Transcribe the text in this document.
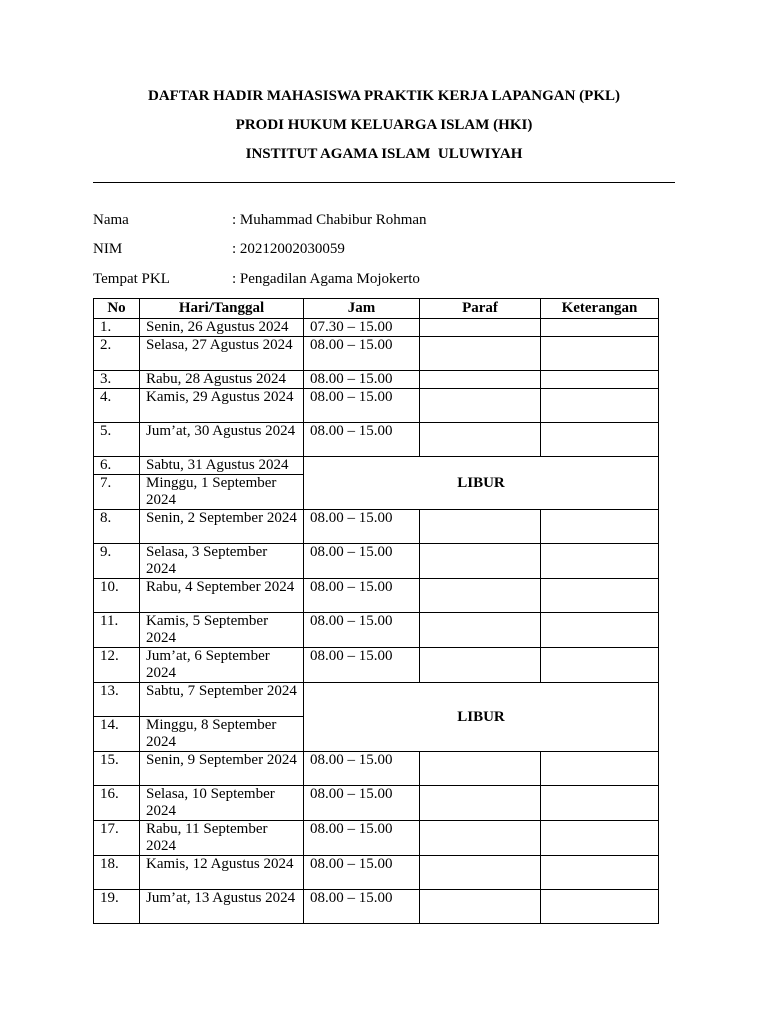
DAFTAR HADIR MAHASISWA PRAKTIK KERJA LAPANGAN (PKL)
PRODI HUKUM KELUARGA ISLAM (HKI)
INSTITUT AGAMA ISLAM  ULUWIYAH
Nama	: Muhammad Chabibur Rohman
NIM	: 20212002030059
Tempat PKL	: Pengadilan Agama Mojokerto
No	Hari/Tanggal	Jam	Paraf	Keterangan
1.	Senin, 26 Agustus 2024	07.30 – 15.00		
2.	Selasa, 27 Agustus 2024	08.00 – 15.00		
3.	Rabu, 28 Agustus 2024	08.00 – 15.00		
4.	Kamis, 29 Agustus 2024	08.00 – 15.00		
5.	Jum’at, 30 Agustus 2024	08.00 – 15.00		
6.	Sabtu, 31 Agustus 2024	LIBUR		
7.	Minggu, 1 September 2024			
8.	Senin, 2 September 2024	08.00 – 15.00		
9.	Selasa, 3 September 2024	08.00 – 15.00		
10.	Rabu, 4 September 2024	08.00 – 15.00		
11.	Kamis, 5 September 2024	08.00 – 15.00		
12.	Jum’at, 6 September 2024	08.00 – 15.00		
13.	Sabtu, 7 September 2024	LIBUR		
14.	Minggu, 8 September 2024			
15.	Senin, 9 September 2024	08.00 – 15.00		
16.	Selasa, 10 September 2024	08.00 – 15.00		
17.	Rabu, 11 September 2024	08.00 – 15.00		
18.	Kamis, 12 Agustus 2024	08.00 – 15.00		
19.	Jum’at, 13 Agustus 2024	08.00 – 15.00		
